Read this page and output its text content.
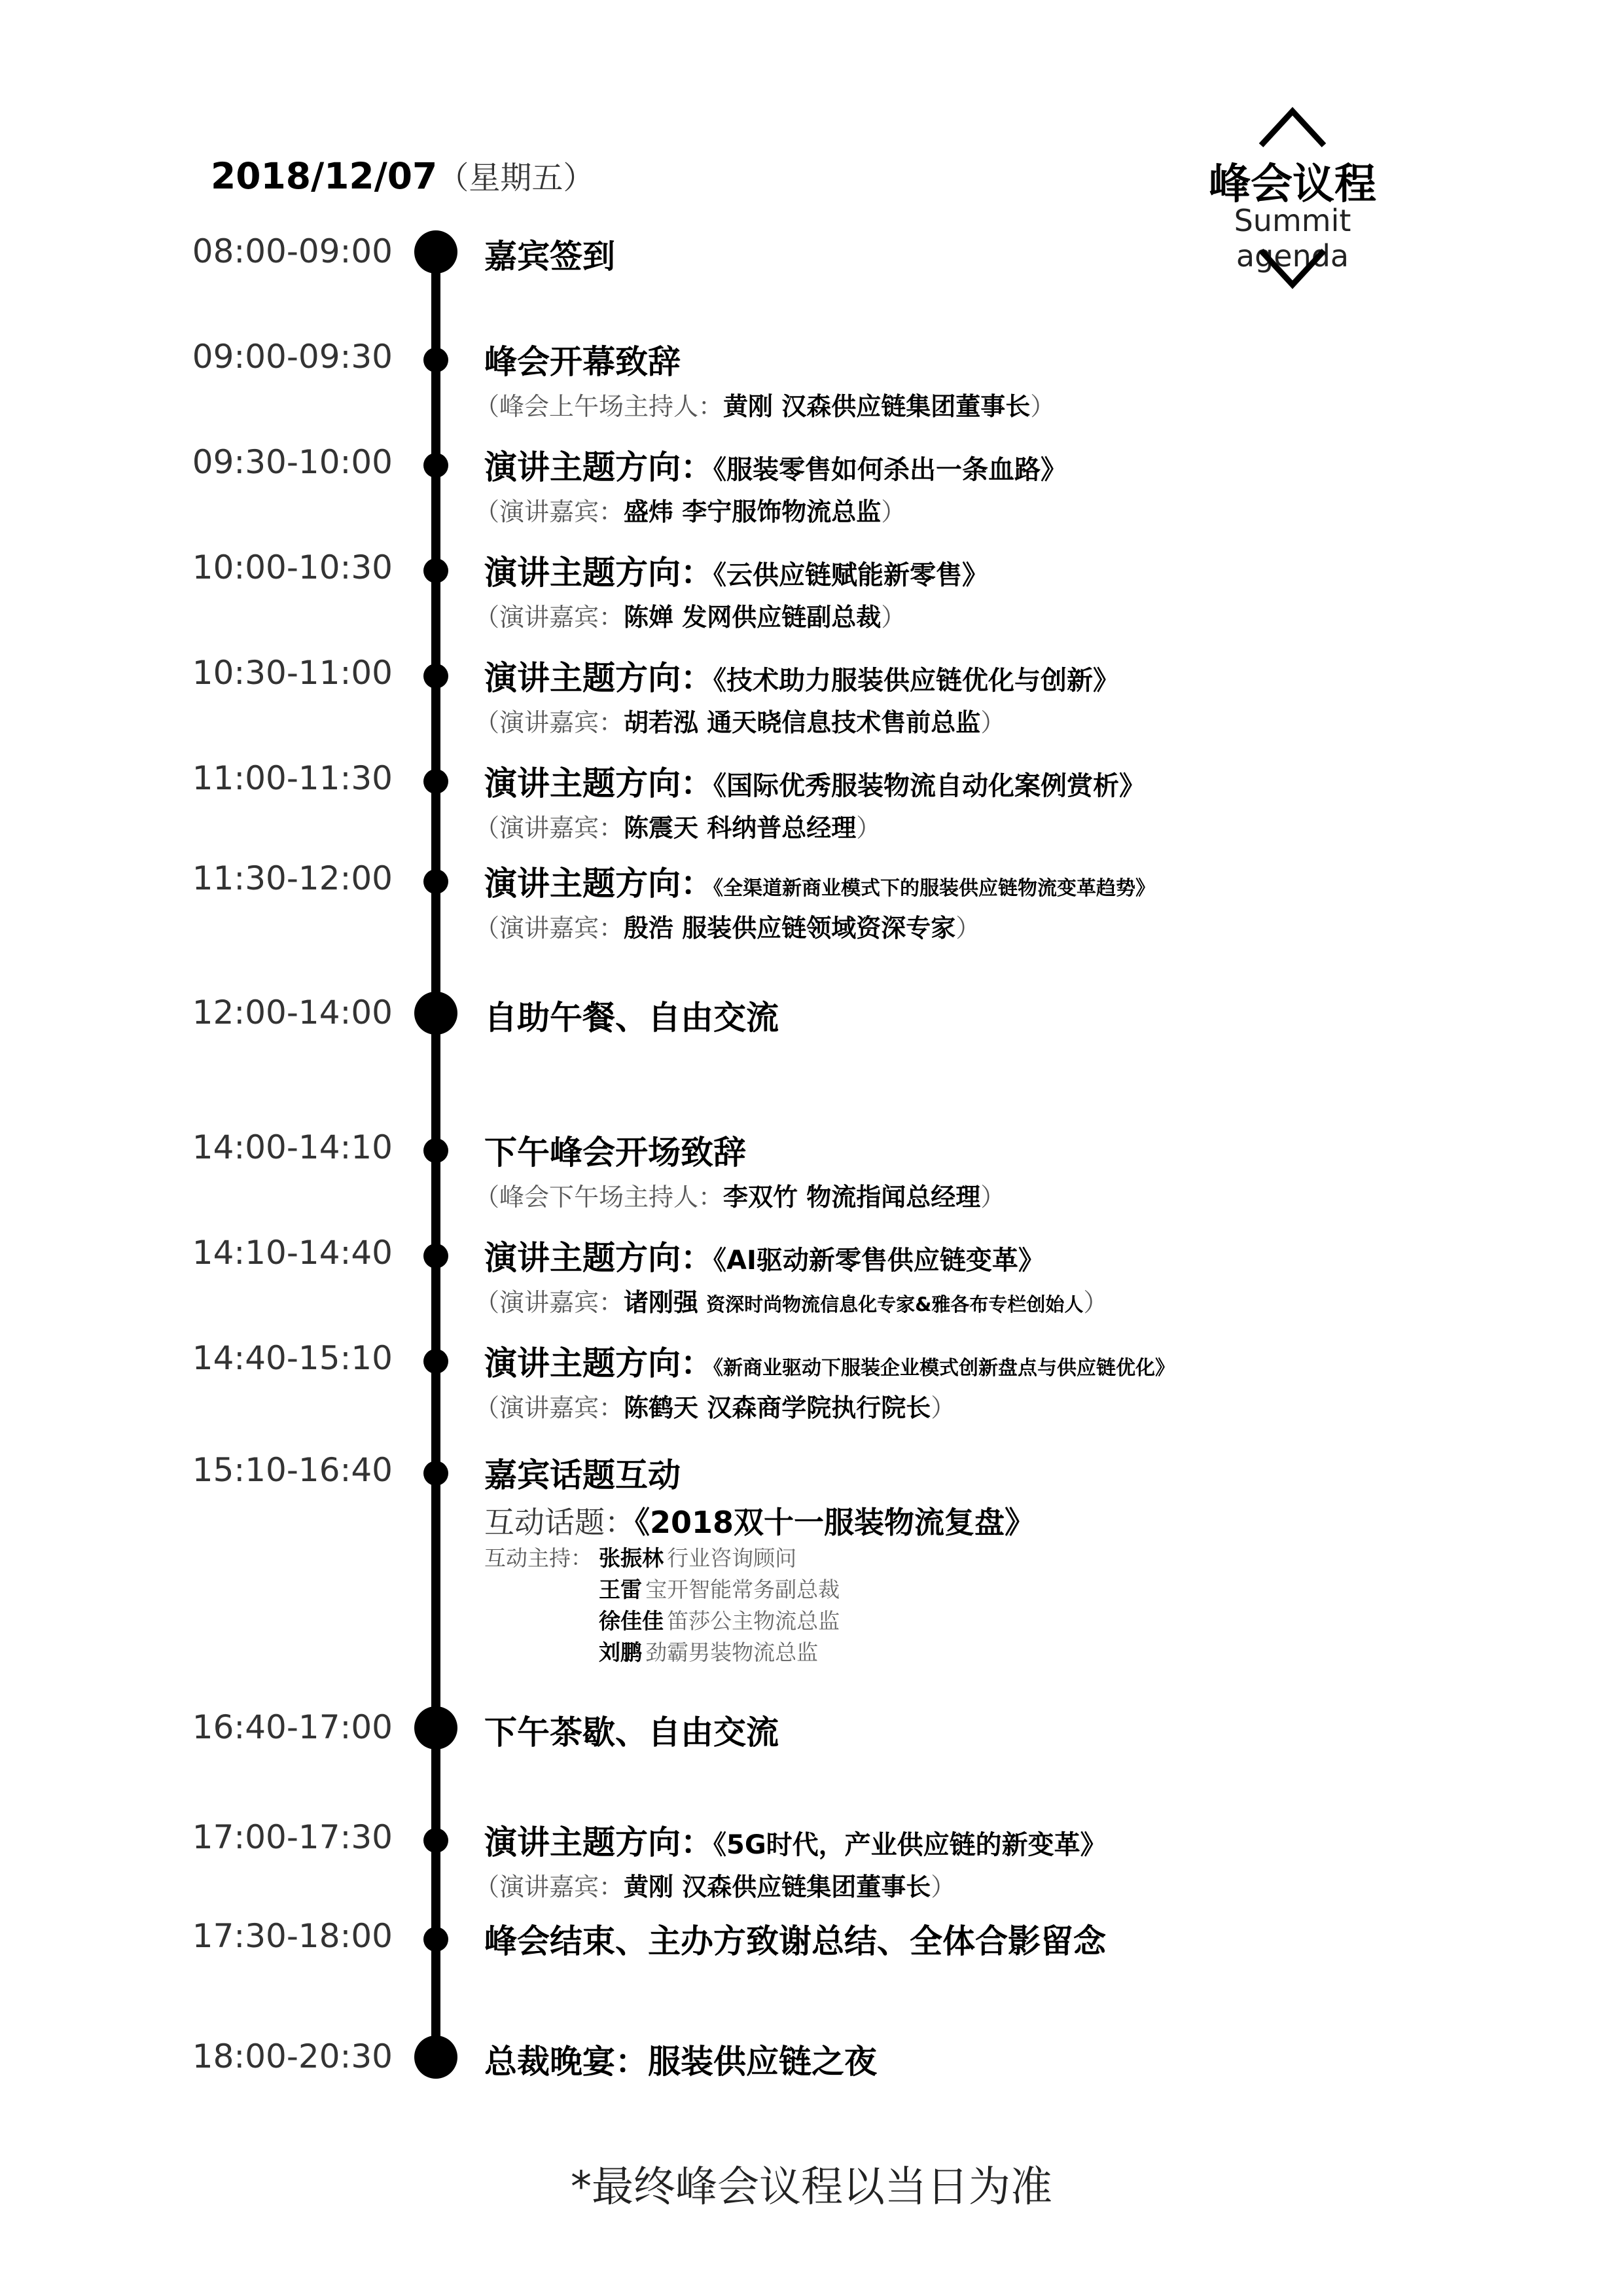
2018/12/07（星期五）	峰会议程
Summit agenda
08:00-09:00	嘉宾签到
09:00-09:30	峰会开幕致辞
（峰会上午场主持人：黄刚 汉森供应链集团董事长）
09:30-10:00	演讲主题方向：《服装零售如何杀出一条血路》
（演讲嘉宾：盛炜 李宁服饰物流总监）
10:00-10:30	演讲主题方向：《云供应链赋能新零售》
（演讲嘉宾：陈婵 发网供应链副总裁）
10:30-11:00	演讲主题方向：《技术助力服装供应链优化与创新》
（演讲嘉宾：胡若泓 通天晓信息技术售前总监）
11:00-11:30	演讲主题方向：《国际优秀服装物流自动化案例赏析》
（演讲嘉宾：陈震天 科纳普总经理）
11:30-12:00	演讲主题方向：《全渠道新商业模式下的服装供应链物流变革趋势》
（演讲嘉宾：殷浩 服装供应链领域资深专家）
12:00-14:00	自助午餐、自由交流
14:00-14:10	下午峰会开场致辞
（峰会下午场主持人：李双竹 物流指闻总经理）
14:10-14:40	演讲主题方向：《AI驱动新零售供应链变革》
（演讲嘉宾：诸刚强 资深时尚物流信息化专家&雅各布专栏创始人）
14:40-15:10	演讲主题方向：《新商业驱动下服装企业模式创新盘点与供应链优化》
（演讲嘉宾：陈鹤天 汉森商学院执行院长）
15:10-16:40	嘉宾话题互动
互动话题：《2018双十一服装物流复盘》
互动主持： 张振林 行业咨询顾问
王雷 宝开智能常务副总裁
徐佳佳 笛莎公主物流总监
刘鹏 劲霸男装物流总监
16:40-17:00	下午茶歇、自由交流
17:00-17:30	演讲主题方向：《5G时代，产业供应链的新变革》
（演讲嘉宾：黄刚 汉森供应链集团董事长）
17:30-18:00	峰会结束、主办方致谢总结、全体合影留念
18:00-20:30	总裁晚宴：服装供应链之夜
*最终峰会议程以当日为准
